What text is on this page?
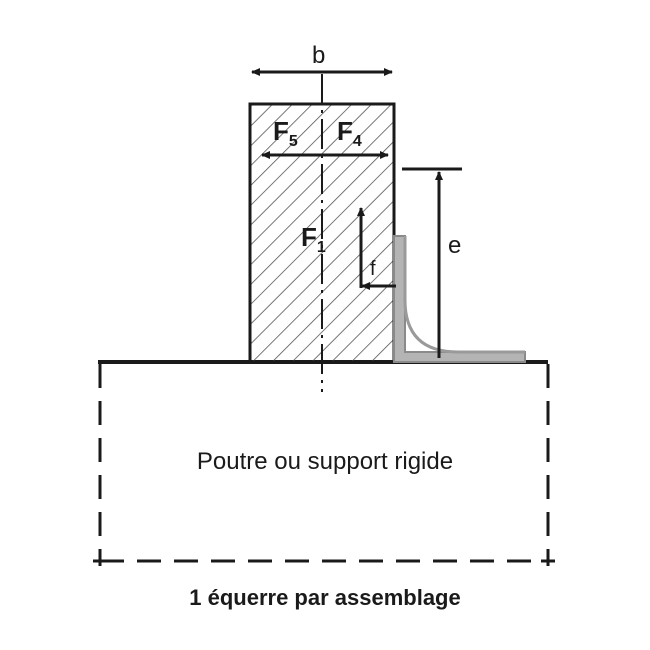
b
e
f
$F_5$ $F_4$
$F_1$
Poutre ou support rigide
1 équerre par assemblage
